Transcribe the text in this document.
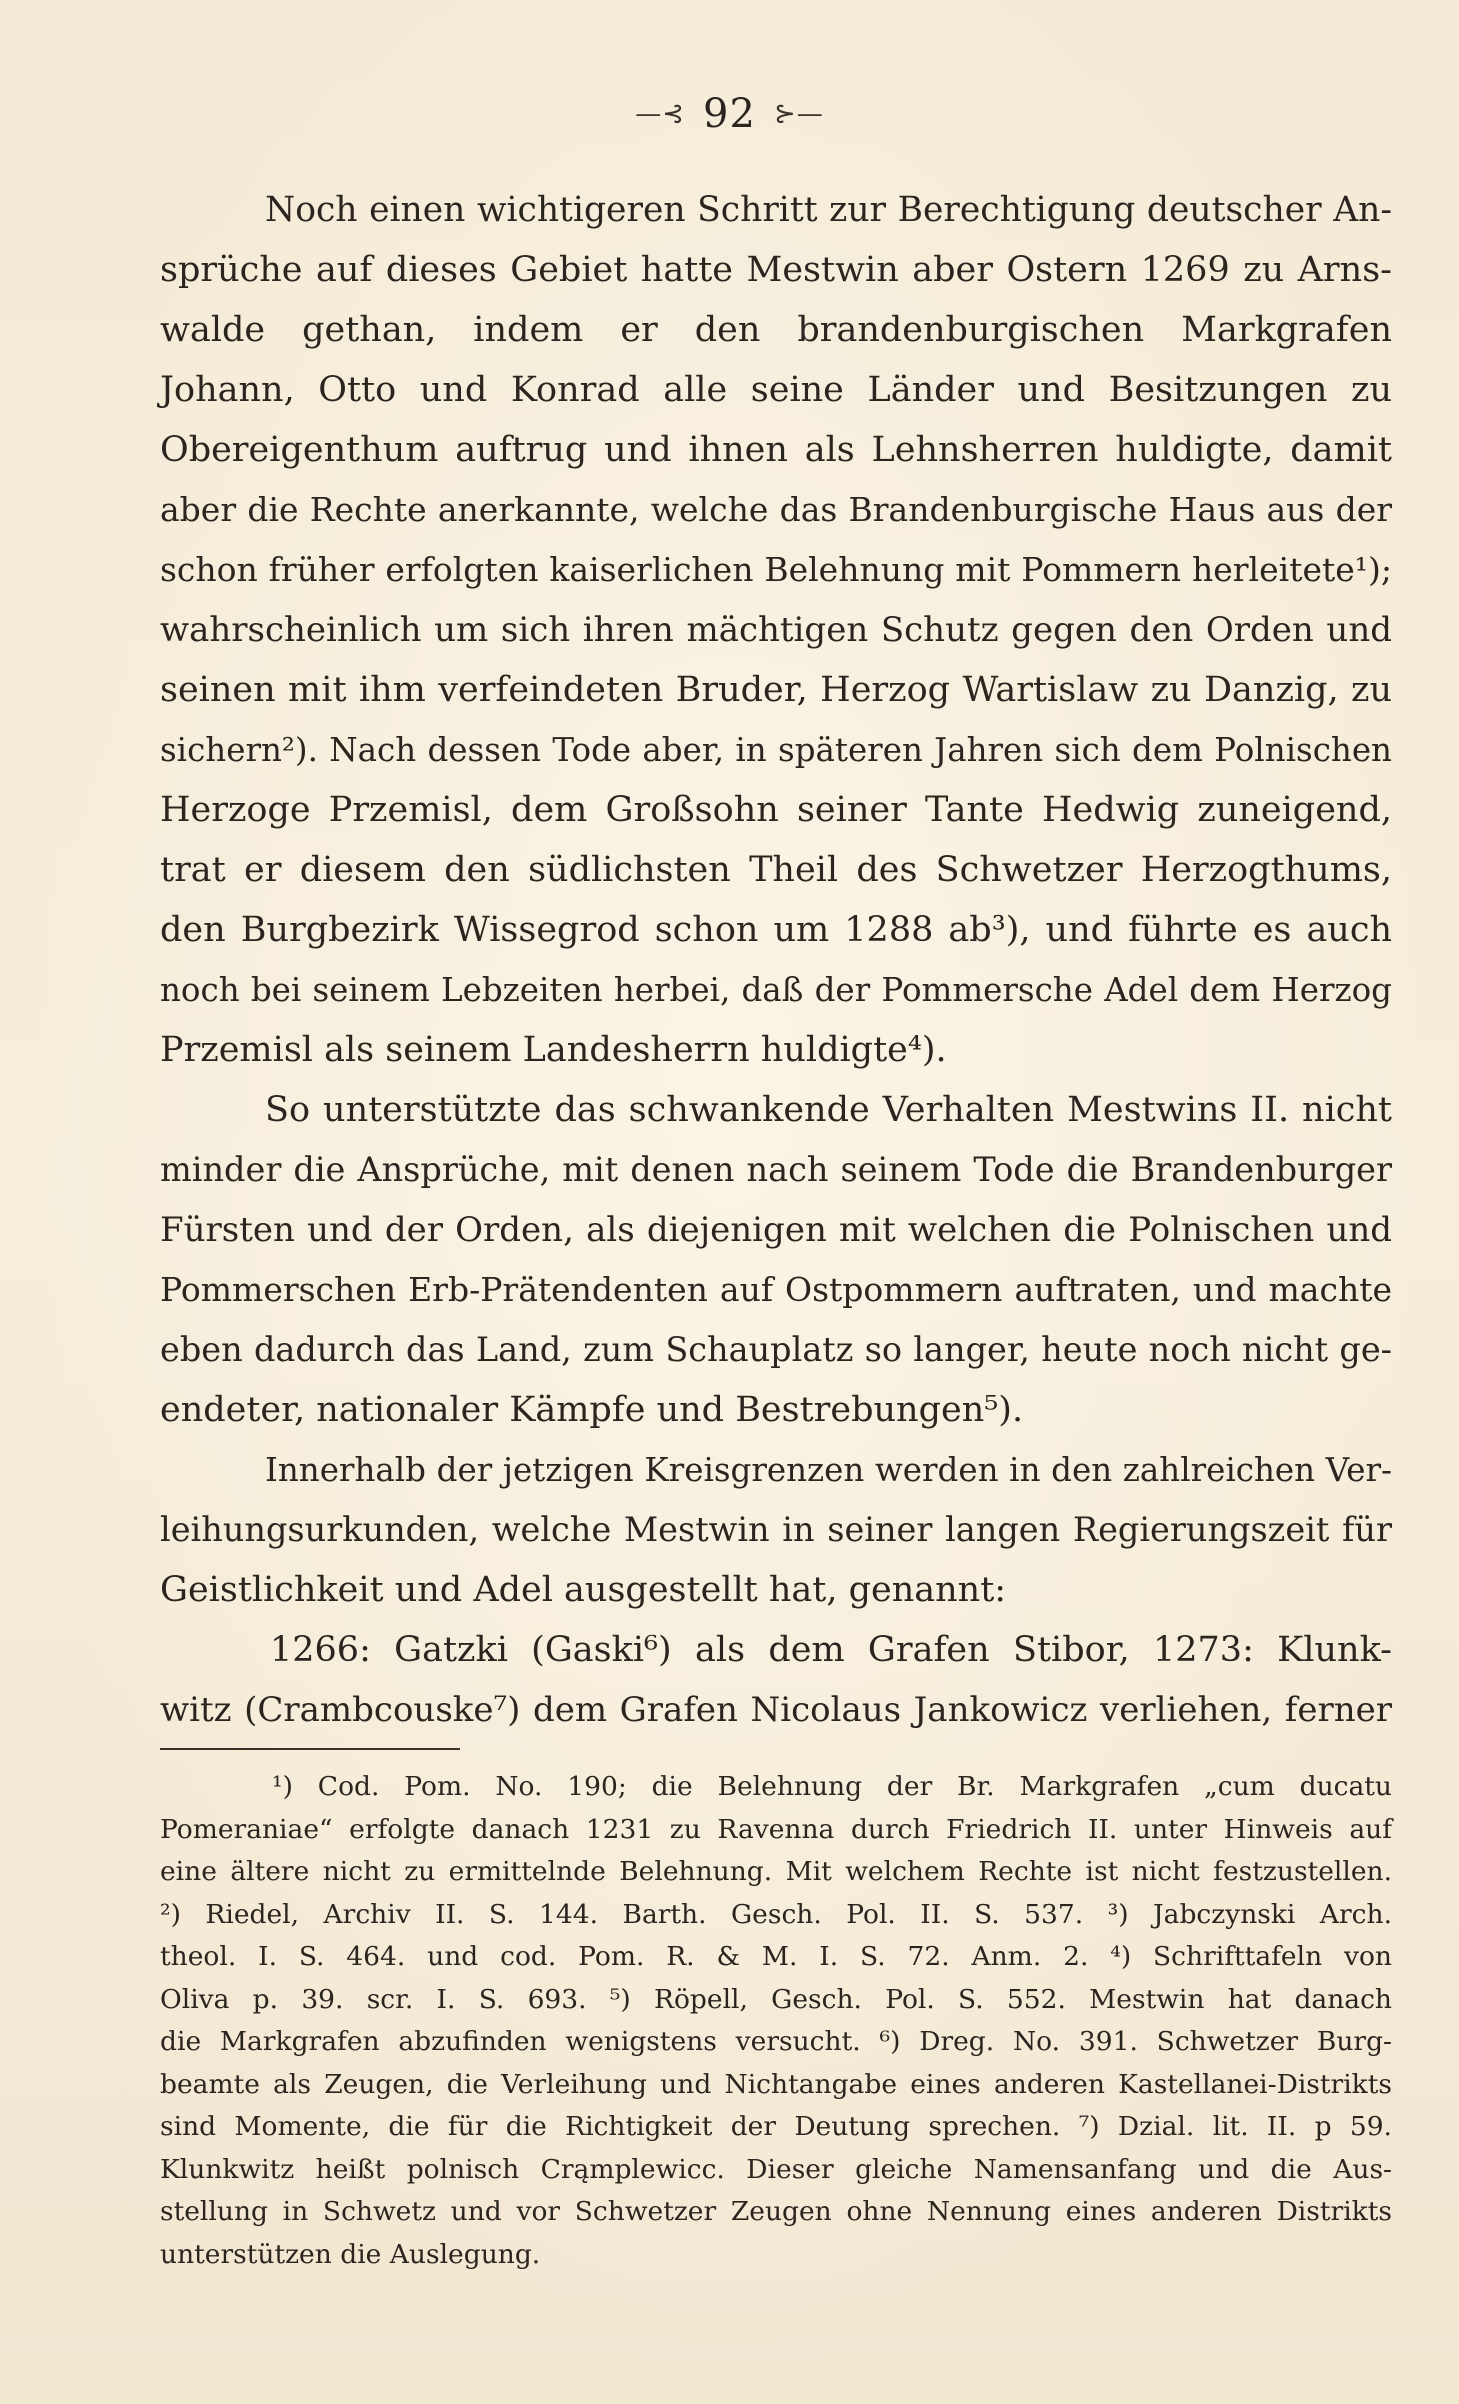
—⊰ 92 ⊱—
Noch einen wichtigeren Schritt zur Berechtigung deutscher An-
sprüche auf dieses Gebiet hatte Mestwin aber Ostern 1269 zu Arns-
walde gethan, indem er den brandenburgischen Markgrafen
Johann, Otto und Konrad alle seine Länder und Besitzungen zu
Obereigenthum auftrug und ihnen als Lehnsherren huldigte, damit
aber die Rechte anerkannte, welche das Brandenburgische Haus aus der
schon früher erfolgten kaiserlichen Belehnung mit Pommern herleitete¹);
wahrscheinlich um sich ihren mächtigen Schutz gegen den Orden und
seinen mit ihm verfeindeten Bruder, Herzog Wartislaw zu Danzig, zu
sichern²). Nach dessen Tode aber, in späteren Jahren sich dem Polnischen
Herzoge Przemisl, dem Großsohn seiner Tante Hedwig zuneigend,
trat er diesem den südlichsten Theil des Schwetzer Herzogthums,
den Burgbezirk Wissegrod schon um 1288 ab³), und führte es auch
noch bei seinem Lebzeiten herbei, daß der Pommersche Adel dem Herzog
Przemisl als seinem Landesherrn huldigte⁴).
So unterstützte das schwankende Verhalten Mestwins II. nicht
minder die Ansprüche, mit denen nach seinem Tode die Brandenburger
Fürsten und der Orden, als diejenigen mit welchen die Polnischen und
Pommerschen Erb-Prätendenten auf Ostpommern auftraten, und machte
eben dadurch das Land, zum Schauplatz so langer, heute noch nicht ge-
endeter, nationaler Kämpfe und Bestrebungen⁵).
Innerhalb der jetzigen Kreisgrenzen werden in den zahlreichen Ver-
leihungsurkunden, welche Mestwin in seiner langen Regierungszeit für
Geistlichkeit und Adel ausgestellt hat, genannt:
1266: Gatzki (Gaski⁶) als dem Grafen Stibor, 1273: Klunk-
witz (Crambcouske⁷) dem Grafen Nicolaus Jankowicz verliehen, ferner
¹) Cod. Pom. No. 190; die Belehnung der Br. Markgrafen „cum ducatu
Pomeraniae“ erfolgte danach 1231 zu Ravenna durch Friedrich II. unter Hinweis auf
eine ältere nicht zu ermittelnde Belehnung. Mit welchem Rechte ist nicht festzustellen.
²) Riedel, Archiv II. S. 144. Barth. Gesch. Pol. II. S. 537. ³) Jabczynski Arch.
theol. I. S. 464. und cod. Pom. R. & M. I. S. 72. Anm. 2. ⁴) Schrifttafeln von
Oliva p. 39. scr. I. S. 693. ⁵) Röpell, Gesch. Pol. S. 552. Mestwin hat danach
die Markgrafen abzufinden wenigstens versucht. ⁶) Dreg. No. 391. Schwetzer Burg-
beamte als Zeugen, die Verleihung und Nichtangabe eines anderen Kastellanei-Distrikts
sind Momente, die für die Richtigkeit der Deutung sprechen. ⁷) Dzial. lit. II. p 59.
Klunkwitz heißt polnisch Crąmplewicc. Dieser gleiche Namensanfang und die Aus-
stellung in Schwetz und vor Schwetzer Zeugen ohne Nennung eines anderen Distrikts
unterstützen die Auslegung.
